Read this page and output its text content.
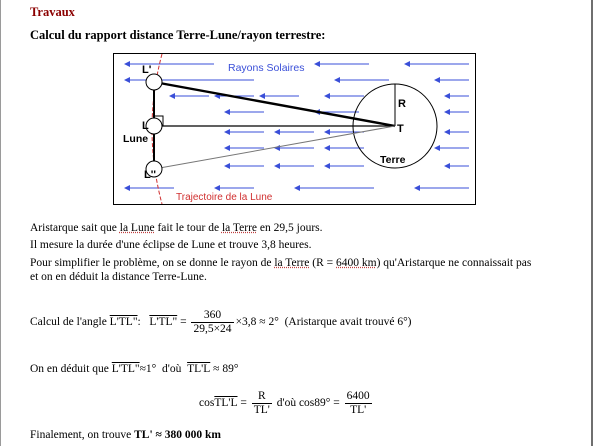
Travaux
Calcul du rapport distance Terre-Lune/rayon terrestre:
Rayons Solaires
Trajectoire de la Lune
L'
L
Lune
L''
R
T
Terre
Aristarque sait que la Lune fait le tour de la Terre en 29,5 jours.
Il mesure la durée d'une éclipse de Lune et trouve 3,8 heures.
Pour simplifier le problème, on se donne le rayon de la Terre (R = 6400 km) qu'Aristarque ne connaissait pas
et on en déduit la distance Terre-Lune.
Calcul de l'angle L'TL": L'TL" = $\frac{360}{29,5\times 24} \times 3,8 \approx 2^\circ$ (Aristarque avait trouvé 6°)
On en déduit que L'TL"≈1° d'où TL'L ≈ 89°
cosTL'L = $\frac{R}{TL'}$ d'où $\cos 89^\circ = \frac{6400}{TL'}$
Finalement, on trouve TL' ≈ 380 000 km
